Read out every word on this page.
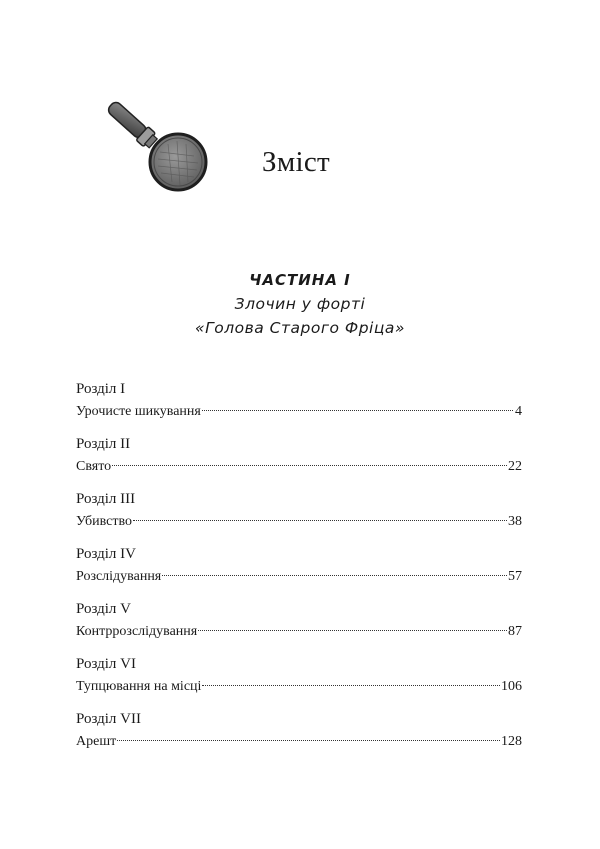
Зміст
ЧАСТИНА І
Злочин у форті
«Голова Старого Фріца»
Розділ І
Урочисте шикування	4
Розділ ІІ
Свято	22
Розділ ІІІ
Убивство	38
Розділ IV
Розслідування	57
Розділ V
Контррозслідування	87
Розділ VI
Тупцювання на місці	106
Розділ VII
Арешт	128
